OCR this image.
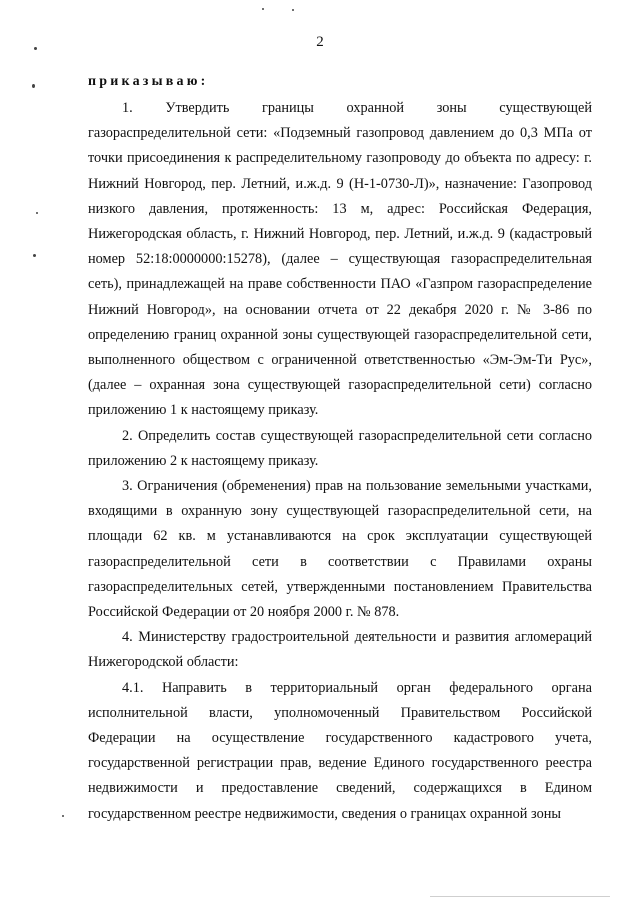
2
приказываю:

1. Утвердить границы охранной зоны существующей газораспределительной сети: «Подземный газопровод давлением до 0,3 МПа от точки присоединения к распределительному газопроводу до объекта по адресу: г. Нижний Новгород, пер. Летний, и.ж.д. 9 (Н-1-0730-Л)», назначение: Газопровод низкого давления, протяженность: 13 м, адрес: Российская Федерация, Нижегородская область, г. Нижний Новгород, пер. Летний, и.ж.д. 9 (кадастровый номер 52:18:0000000:15278), (далее – существующая газораспределительная сеть), принадлежащей на праве собственности ПАО «Газпром газораспределение Нижний Новгород», на основании отчета от 22 декабря 2020 г. № 3-86 по определению границ охранной зоны существующей газораспределительной сети, выполненного обществом с ограниченной ответственностью «Эм-Эм-Ти Рус», (далее – охранная зона существующей газораспределительной сети) согласно приложению 1 к настоящему приказу.

2. Определить состав существующей газораспределительной сети согласно приложению 2 к настоящему приказу.

3. Ограничения (обременения) прав на пользование земельными участками, входящими в охранную зону существующей газораспределительной сети, на площади 62 кв. м устанавливаются на срок эксплуатации существующей газораспределительной сети в соответствии с Правилами охраны газораспределительных сетей, утвержденными постановлением Правительства Российской Федерации от 20 ноября 2000 г. № 878.

4. Министерству градостроительной деятельности и развития агломераций Нижегородской области:

4.1. Направить в территориальный орган федерального органа исполнительной власти, уполномоченный Правительством Российской Федерации на осуществление государственного кадастрового учета, государственной регистрации прав, ведение Единого государственного реестра недвижимости и предоставление сведений, содержащихся в Едином государственном реестре недвижимости, сведения о границах охранной зоны
